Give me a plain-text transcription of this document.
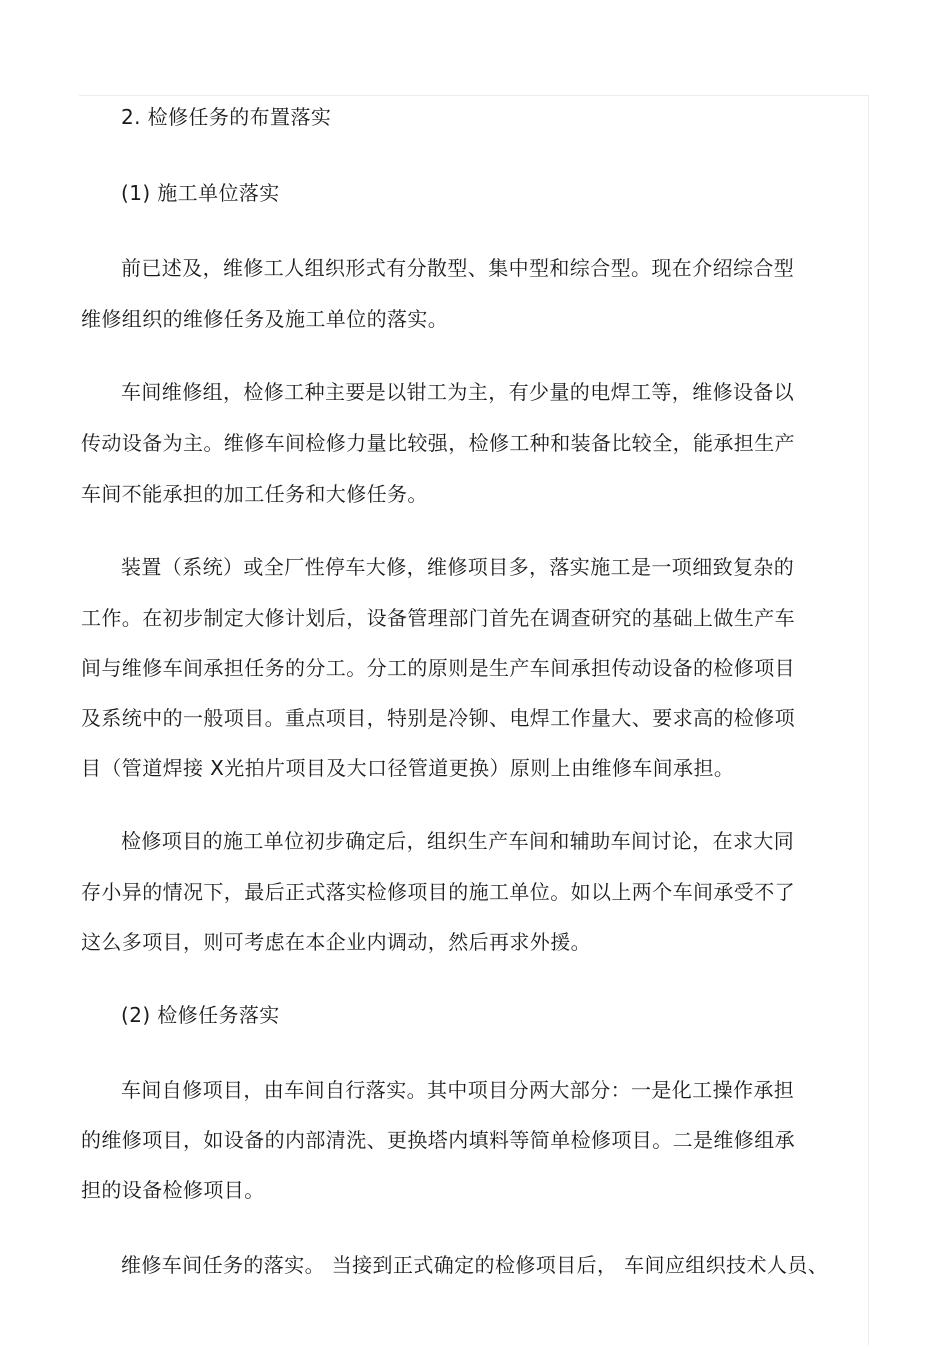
2. 检修任务的布置落实

(1) 施工单位落实

前已述及，维修工人组织形式有分散型、集中型和综合型。现在介绍综合型

维修组织的维修任务及施工单位的落实。

车间维修组，检修工种主要是以钳工为主，有少量的电焊工等，维修设备以

传动设备为主。维修车间检修力量比较强，检修工种和装备比较全，能承担生产

车间不能承担的加工任务和大修任务。

装置（系统）或全厂性停车大修，维修项目多，落实施工是一项细致复杂的

工作。在初步制定大修计划后，设备管理部门首先在调查研究的基础上做生产车

间与维修车间承担任务的分工。分工的原则是生产车间承担传动设备的检修项目

及系统中的一般项目。重点项目，特别是冷铆、电焊工作量大、要求高的检修项

目（管道焊接 X光拍片项目及大口径管道更换）原则上由维修车间承担。

检修项目的施工单位初步确定后，组织生产车间和辅助车间讨论，在求大同

存小异的情况下，最后正式落实检修项目的施工单位。如以上两个车间承受不了

这么多项目，则可考虑在本企业内调动，然后再求外援。

(2) 检修任务落实

车间自修项目，由车间自行落实。其中项目分两大部分：一是化工操作承担

的维修项目，如设备的内部清洗、更换塔内填料等简单检修项目。二是维修组承

担的设备检修项目。

维修车间任务的落实。 当接到正式确定的检修项目后， 车间应组织技术人员、
